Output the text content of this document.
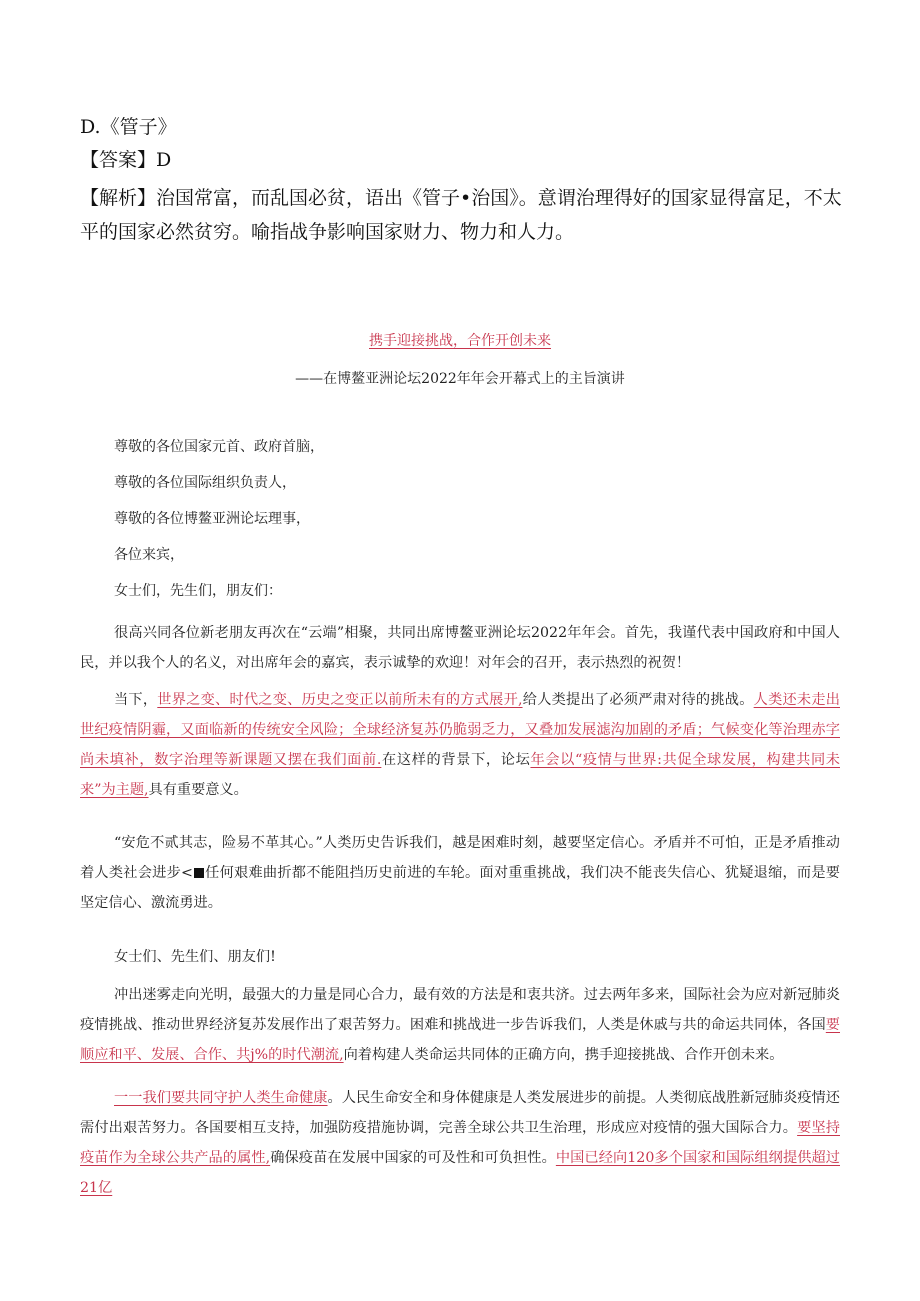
D.《管子》
【答案】D
【解析】治国常富，而乱国必贫，语出《管子•治国》。意谓治理得好的国家显得富足，不太平的国家必然贫穷。喻指战争影响国家财力、物力和人力。
携手迎接挑战，合作开创未来
——在博鳌亚洲论坛2022年年会开幕式上的主旨演讲
尊敬的各位国家元首、政府首脑，
尊敬的各位国际组织负责人，
尊敬的各位博鳌亚洲论坛理事，
各位来宾，
女士们，先生们，朋友们：

很高兴同各位新老朋友再次在“云端”相聚，共同出席博鳌亚洲论坛2022年年会。首先，我谨代表中国政府和中国人民，并以我个人的名义，对出席年会的嘉宾，表示诚挚的欢迎！对年会的召开，表示热烈的祝贺！

当下，世界之变、时代之变、历史之变正以前所未有的方式展开,给人类提出了必须严肃对待的挑战。人类还未走出世纪疫情阴霾，又面临新的传统安全风险；全球经济复苏仍脆弱乏力，又叠加发展滤沟加剧的矛盾；气候变化等治理赤字尚未填补，数字治理等新课题又摆在我们面前.在这样的背景下，论坛年会以“疫情与世界:共促全球发展，构建共同未来”为主题,具有重要意义。

“安危不贰其志，险易不革其心。”人类历史告诉我们，越是困难时刻，越要坚定信心。矛盾并不可怕，正是矛盾推动着人类社会进步< 任何艰难曲折都不能阻挡历史前进的车轮。面对重重挑战，我们决不能丧失信心、犹疑退缩，而是要坚定信心、激流勇进。

女士们、先生们、朋友们!

冲出迷雾走向光明，最强大的力量是同心合力，最有效的方法是和衷共济。过去两年多来，国际社会为应对新冠肺炎疫情挑战、推动世界经济复苏发展作出了艰苦努力。困难和挑战进一步告诉我们，人类是休戚与共的命运共同体，各国要顺应和平、发展、合作、共j%的时代潮流,向着构建人类命运共同体的正确方向，携手迎接挑战、合作开创未来。

一一我们要共同守护人类生命健康。人民生命安全和身体健康是人类发展进步的前提。人类彻底战胜新冠肺炎疫情还需付出艰苦努力。各国要相互支持，加强防疫措施协调，完善全球公共卫生治理，形成应对疫情的强大国际合力。要坚持疫苗作为全球公共产品的属性,确保疫苗在发展中国家的可及性和可负担性。中国已经向120多个国家和国际组纲提供超过21亿
